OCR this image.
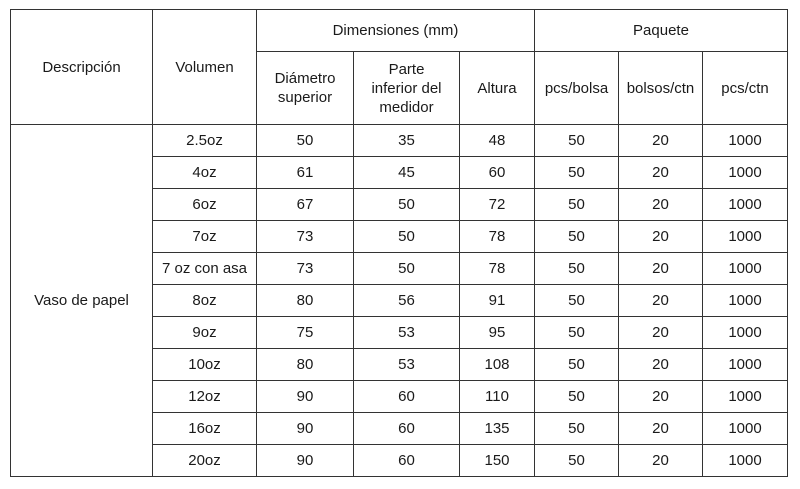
Descripción	Volumen	Dimensiones (mm)			Paquete		
		Diámetro superior	Parte inferior del medidor	Altura	pcs/bolsa	bolsos/ctn	pcs/ctn
Vaso de papel	2.5oz	50	35	48	50	20	1000
	4oz	61	45	60	50	20	1000
	6oz	67	50	72	50	20	1000
	7oz	73	50	78	50	20	1000
	7 oz con asa	73	50	78	50	20	1000
	8oz	80	56	91	50	20	1000
	9oz	75	53	95	50	20	1000
	10oz	80	53	108	50	20	1000
	12oz	90	60	110	50	20	1000
	16oz	90	60	135	50	20	1000
	20oz	90	60	150	50	20	1000
